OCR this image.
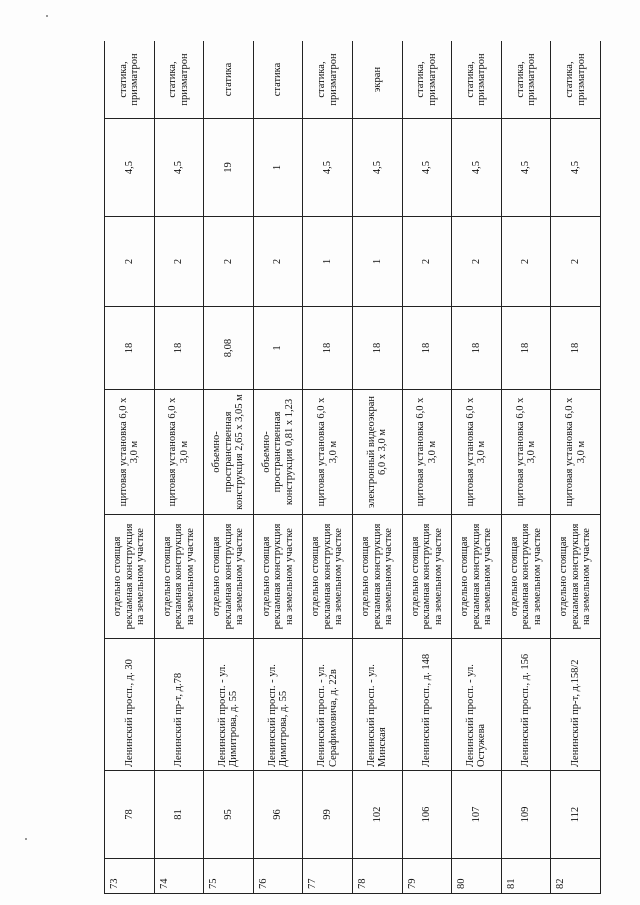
73	78	Ленинский просп., д. 30	отдельно стоящая рекламная конструкция на земельном участке	щитовая установка 6,0 х 3,0 м	18	2	4,5	статика, призматрон
74	81	Ленинский пр-т, д.78	отдельно стоящая рекламная конструкция на земельном участке	щитовая установка 6,0 х 3,0 м	18	2	4,5	статика, призматрон
75	95	Ленинский просп. - ул. Димитрова, д. 55	отдельно стоящая рекламная конструкция на земельном участке	объемно-пространственная конструкция 2,65 х 3,05 м	8,08	2	19	статика
76	96	Ленинский просп. - ул. Димитрова, д. 55	отдельно стоящая рекламная конструкция на земельном участке	объемно-пространственная конструкция 0,81 х 1,23	1	2	1	статика
77	99	Ленинский просп. - ул. Серафимовича, д. 22в	отдельно стоящая рекламная конструкция на земельном участке	щитовая установка 6,0 х 3,0 м	18	1	4,5	статика, призматрон
78	102	Ленинский просп. - ул. Минская	отдельно стоящая рекламная конструкция на земельном участке	электронный видеоэкран 6,0 х 3,0 м	18	1	4,5	экран
79	106	Ленинский просп., д. 148	отдельно стоящая рекламная конструкция на земельном участке	щитовая установка 6,0 х 3,0 м	18	2	4,5	статика, призматрон
80	107	Ленинский просп. - ул. Остужева	отдельно стоящая рекламная конструкция на земельном участке	щитовая установка 6,0 х 3,0 м	18	2	4,5	статика, призматрон
81	109	Ленинский просп., д. 156	отдельно стоящая рекламная конструкция на земельном участке	щитовая установка 6,0 х 3,0 м	18	2	4,5	статика, призматрон
82	112	Ленинский пр-т, д.158/2	отдельно стоящая рекламная конструкция на земельном участке	щитовая установка 6,0 х 3,0 м	18	2	4,5	статика, призматрон
